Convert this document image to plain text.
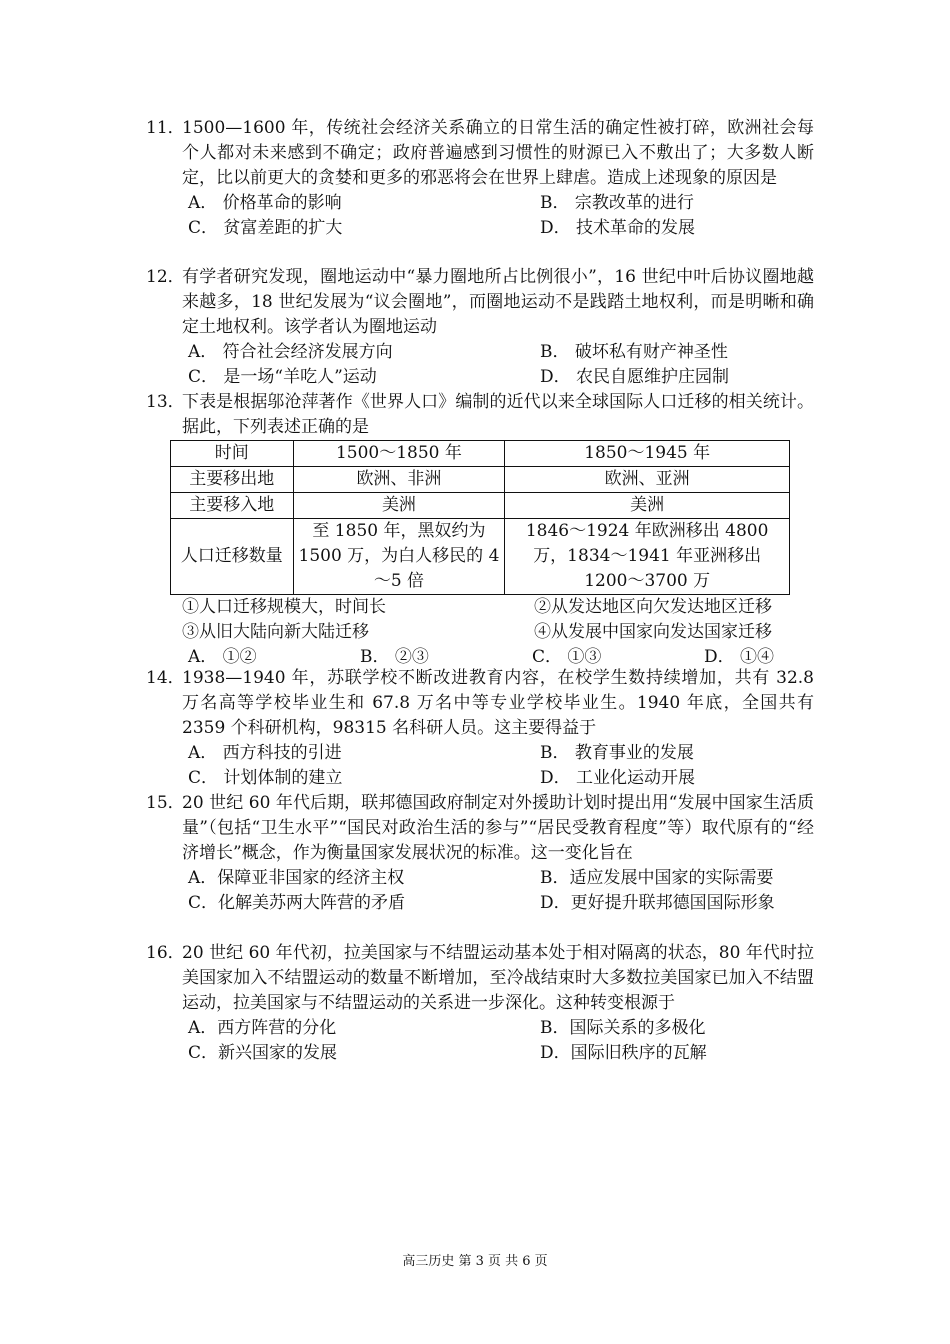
11．
1500—1600 年，传统社会经济关系确立的日常生活的确定性被打碎，欧洲社会每个人都对未来感到不确定；政府普遍感到习惯性的财源已入不敷出了；大多数人断定，比以前更大的贪婪和更多的邪恶将会在世界上肆虐。造成上述现象的原因是
A． 价格革命的影响	B． 宗教改革的进行
C． 贫富差距的扩大	D． 技术革命的发展
12．
有学者研究发现，圈地运动中“暴力圈地所占比例很小”，16 世纪中叶后协议圈地越来越多，18 世纪发展为“议会圈地”，而圈地运动不是践踏土地权利，而是明晰和确定土地权利。该学者认为圈地运动
A． 符合社会经济发展方向	B． 破坏私有财产神圣性
C． 是一场“羊吃人”运动	D． 农民自愿维护庄园制
13．
下表是根据邬沧萍著作《世界人口》编制的近代以来全球国际人口迁移的相关统计。据此，下列表述正确的是
时间	1500～1850 年	1850～1945 年
主要移出地	欧洲、非洲	欧洲、亚洲
主要移入地	美洲	美洲
人口迁移数量	至 1850 年，黑奴约为 1500 万，为白人移民的 4～5 倍	1846～1924 年欧洲移出 4800 万，1834～1941 年亚洲移出 1200～3700 万
①人口迁移规模大，时间长	②从发达地区向欠发达地区迁移
③从旧大陆向新大陆迁移	④从发展中国家向发达国家迁移
A． ①②	B． ②③	C． ①③	D． ①④
14．
1938—1940 年，苏联学校不断改进教育内容，在校学生数持续增加，共有 32.8 万名高等学校毕业生和 67.8 万名中等专业学校毕业生。1940 年底，全国共有 2359 个科研机构，98315 名科研人员。这主要得益于
A． 西方科技的引进	B． 教育事业的发展
C． 计划体制的建立	D． 工业化运动开展
15．
20 世纪 60 年代后期，联邦德国政府制定对外援助计划时提出用“发展中国家生活质量”（包括“卫生水平”“国民对政治生活的参与”“居民受教育程度”等）取代原有的“经济增长”概念，作为衡量国家发展状况的标准。这一变化旨在
A．保障亚非国家的经济主权	B．适应发展中国家的实际需要
C．化解美苏两大阵营的矛盾	D．更好提升联邦德国国际形象
16．
20 世纪 60 年代初，拉美国家与不结盟运动基本处于相对隔离的状态，80 年代时拉美国家加入不结盟运动的数量不断增加，至冷战结束时大多数拉美国家已加入不结盟运动，拉美国家与不结盟运动的关系进一步深化。这种转变根源于
A．西方阵营的分化	B．国际关系的多极化
C．新兴国家的发展	D．国际旧秩序的瓦解
高三历史 第 3 页 共 6 页
